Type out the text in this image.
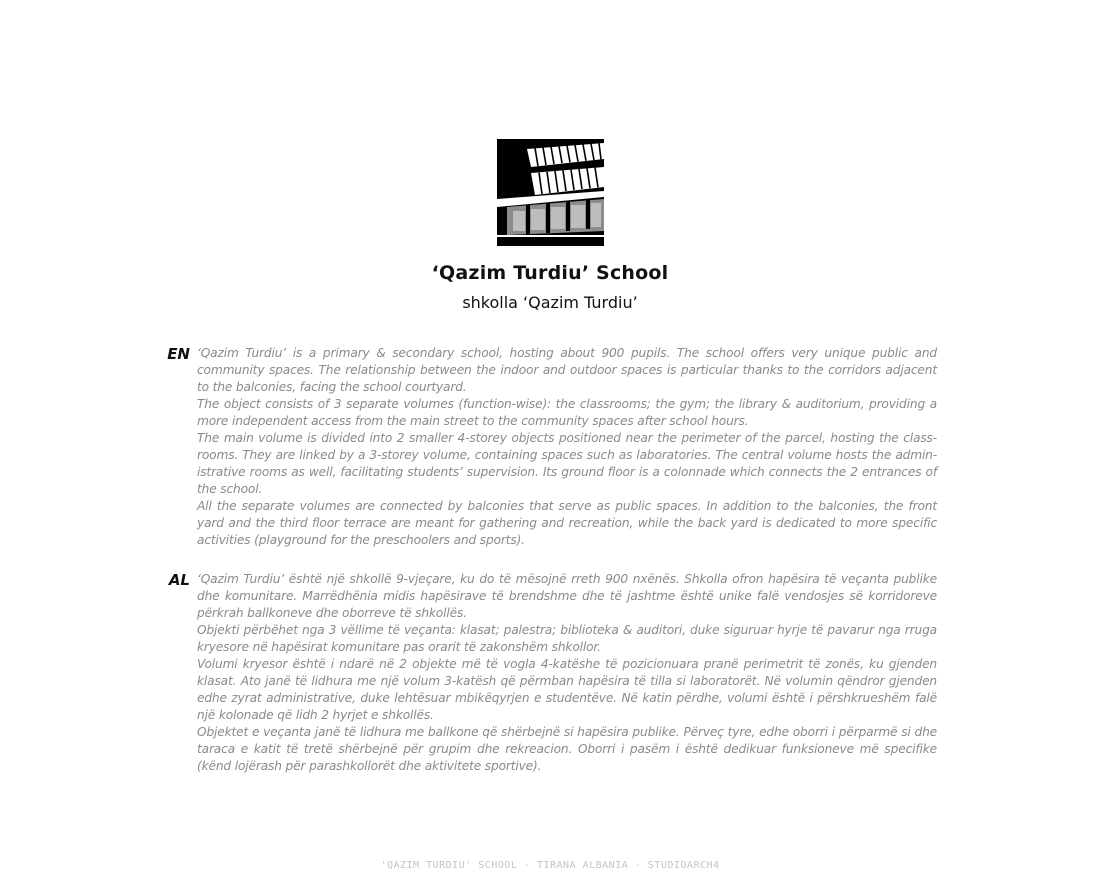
‘Qazim Turdiu’ School
shkolla ‘Qazim Turdiu’
EN ‘Qazim Turdiu’ is a primary & secondary school, hosting about 900 pupils. The school offers very unique public and community spaces. The relationship between the indoor and outdoor spaces is particular thanks to the corridors adjacent to the balconies, facing the school courtyard.

The object consists of 3 separate volumes (function-wise): the classrooms; the gym; the library & auditorium, providing a more independent access from the main street to the community spaces after school hours.

The main volume is divided into 2 smaller 4-storey objects positioned near the perimeter of the parcel, hosting the class- rooms. They are linked by a 3-storey volume, containing spaces such as laboratories. The central volume hosts the admin- istrative rooms as well, facilitating students’ supervision. Its ground floor is a colonnade which connects the 2 entrances of the school.

All the separate volumes are connected by balconies that serve as public spaces. In addition to the balconies, the front yard and the third floor terrace are meant for gathering and recreation, while the back yard is dedicated to more specific activities (playground for the preschoolers and sports).

AL ‘Qazim Turdiu’ është një shkollë 9-vjeçare, ku do të mësojnë rreth 900 nxënës. Shkolla ofron hapësira të veçanta publike dhe komunitare. Marrëdhënia midis hapësirave të brendshme dhe të jashtme është unike falë vendosjes së korridoreve përkrah ballkoneve dhe oborreve të shkollës.

Objekti përbëhet nga 3 vëllime të veçanta: klasat; palestra; biblioteka & auditori, duke siguruar hyrje të pavarur nga rruga kryesore në hapësirat komunitare pas orarit të zakonshëm shkollor.

Volumi kryesor është i ndarë në 2 objekte më të vogla 4-katëshe të pozicionuara pranë perimetrit të zonës, ku gjenden klasat. Ato janë të lidhura me një volum 3-katësh që përmban hapësira të tilla si laboratorët. Në volumin qëndror gjenden edhe zyrat administrative, duke lehtësuar mbikëqyrjen e studentëve. Në katin përdhe, volumi është i përshkrueshëm falë një kolonade që lidh 2 hyrjet e shkollës.

Objektet e veçanta janë të lidhura me ballkone që shërbejnë si hapësira publike. Përveç tyre, edhe oborri i përparmë si dhe taraca e katit të tretë shërbejnë për grupim dhe rekreacion. Oborri i pasëm i është dedikuar funksioneve më specifike (kënd lojërash për parashkollorët dhe aktivitete sportive).

'QAZIM TURDIU' SCHOOL - TIRANA ALBANIA - STUDIOARCH4
